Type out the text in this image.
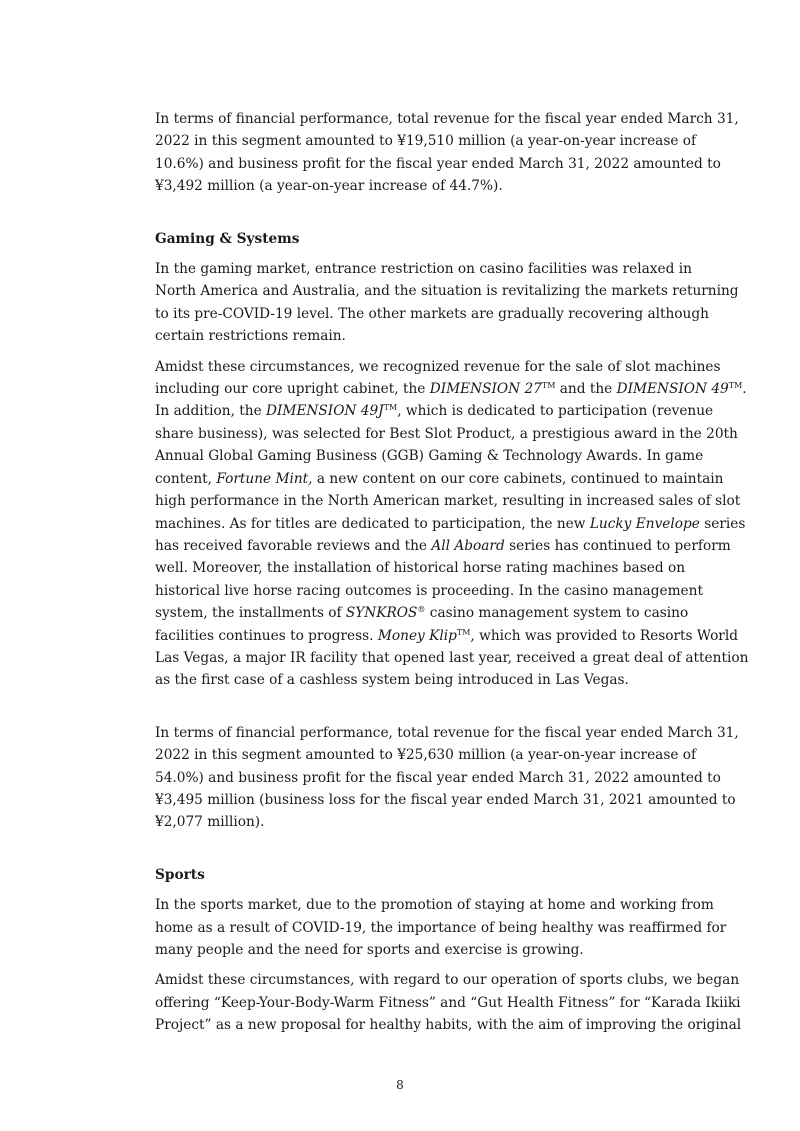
In terms of financial performance, total revenue for the fiscal year ended March 31,
2022 in this segment amounted to ¥19,510 million (a year-on-year increase of
10.6%) and business profit for the fiscal year ended March 31, 2022 amounted to
¥3,492 million (a year-on-year increase of 44.7%).

Gaming & Systems

In the gaming market, entrance restriction on casino facilities was relaxed in
North America and Australia, and the situation is revitalizing the markets returning
to its pre-COVID-19 level. The other markets are gradually recovering although
certain restrictions remain.

Amidst these circumstances, we recognized revenue for the sale of slot machines
including our core upright cabinet, the DIMENSION 27™ and the DIMENSION 49™.
In addition, the DIMENSION 49J™, which is dedicated to participation (revenue
share business), was selected for Best Slot Product, a prestigious award in the 20th
Annual Global Gaming Business (GGB) Gaming & Technology Awards. In game
content, Fortune Mint, a new content on our core cabinets, continued to maintain
high performance in the North American market, resulting in increased sales of slot
machines. As for titles are dedicated to participation, the new Lucky Envelope series
has received favorable reviews and the All Aboard series has continued to perform
well. Moreover, the installation of historical horse rating machines based on
historical live horse racing outcomes is proceeding. In the casino management
system, the installments of SYNKROS® casino management system to casino
facilities continues to progress. Money Klip™, which was provided to Resorts World
Las Vegas, a major IR facility that opened last year, received a great deal of attention
as the first case of a cashless system being introduced in Las Vegas.

In terms of financial performance, total revenue for the fiscal year ended March 31,
2022 in this segment amounted to ¥25,630 million (a year-on-year increase of
54.0%) and business profit for the fiscal year ended March 31, 2022 amounted to
¥3,495 million (business loss for the fiscal year ended March 31, 2021 amounted to
¥2,077 million).

Sports

In the sports market, due to the promotion of staying at home and working from
home as a result of COVID-19, the importance of being healthy was reaffirmed for
many people and the need for sports and exercise is growing.

Amidst these circumstances, with regard to our operation of sports clubs, we began
offering “Keep-Your-Body-Warm Fitness” and “Gut Health Fitness” for “Karada Ikiiki
Project” as a new proposal for healthy habits, with the aim of improving the original

8
